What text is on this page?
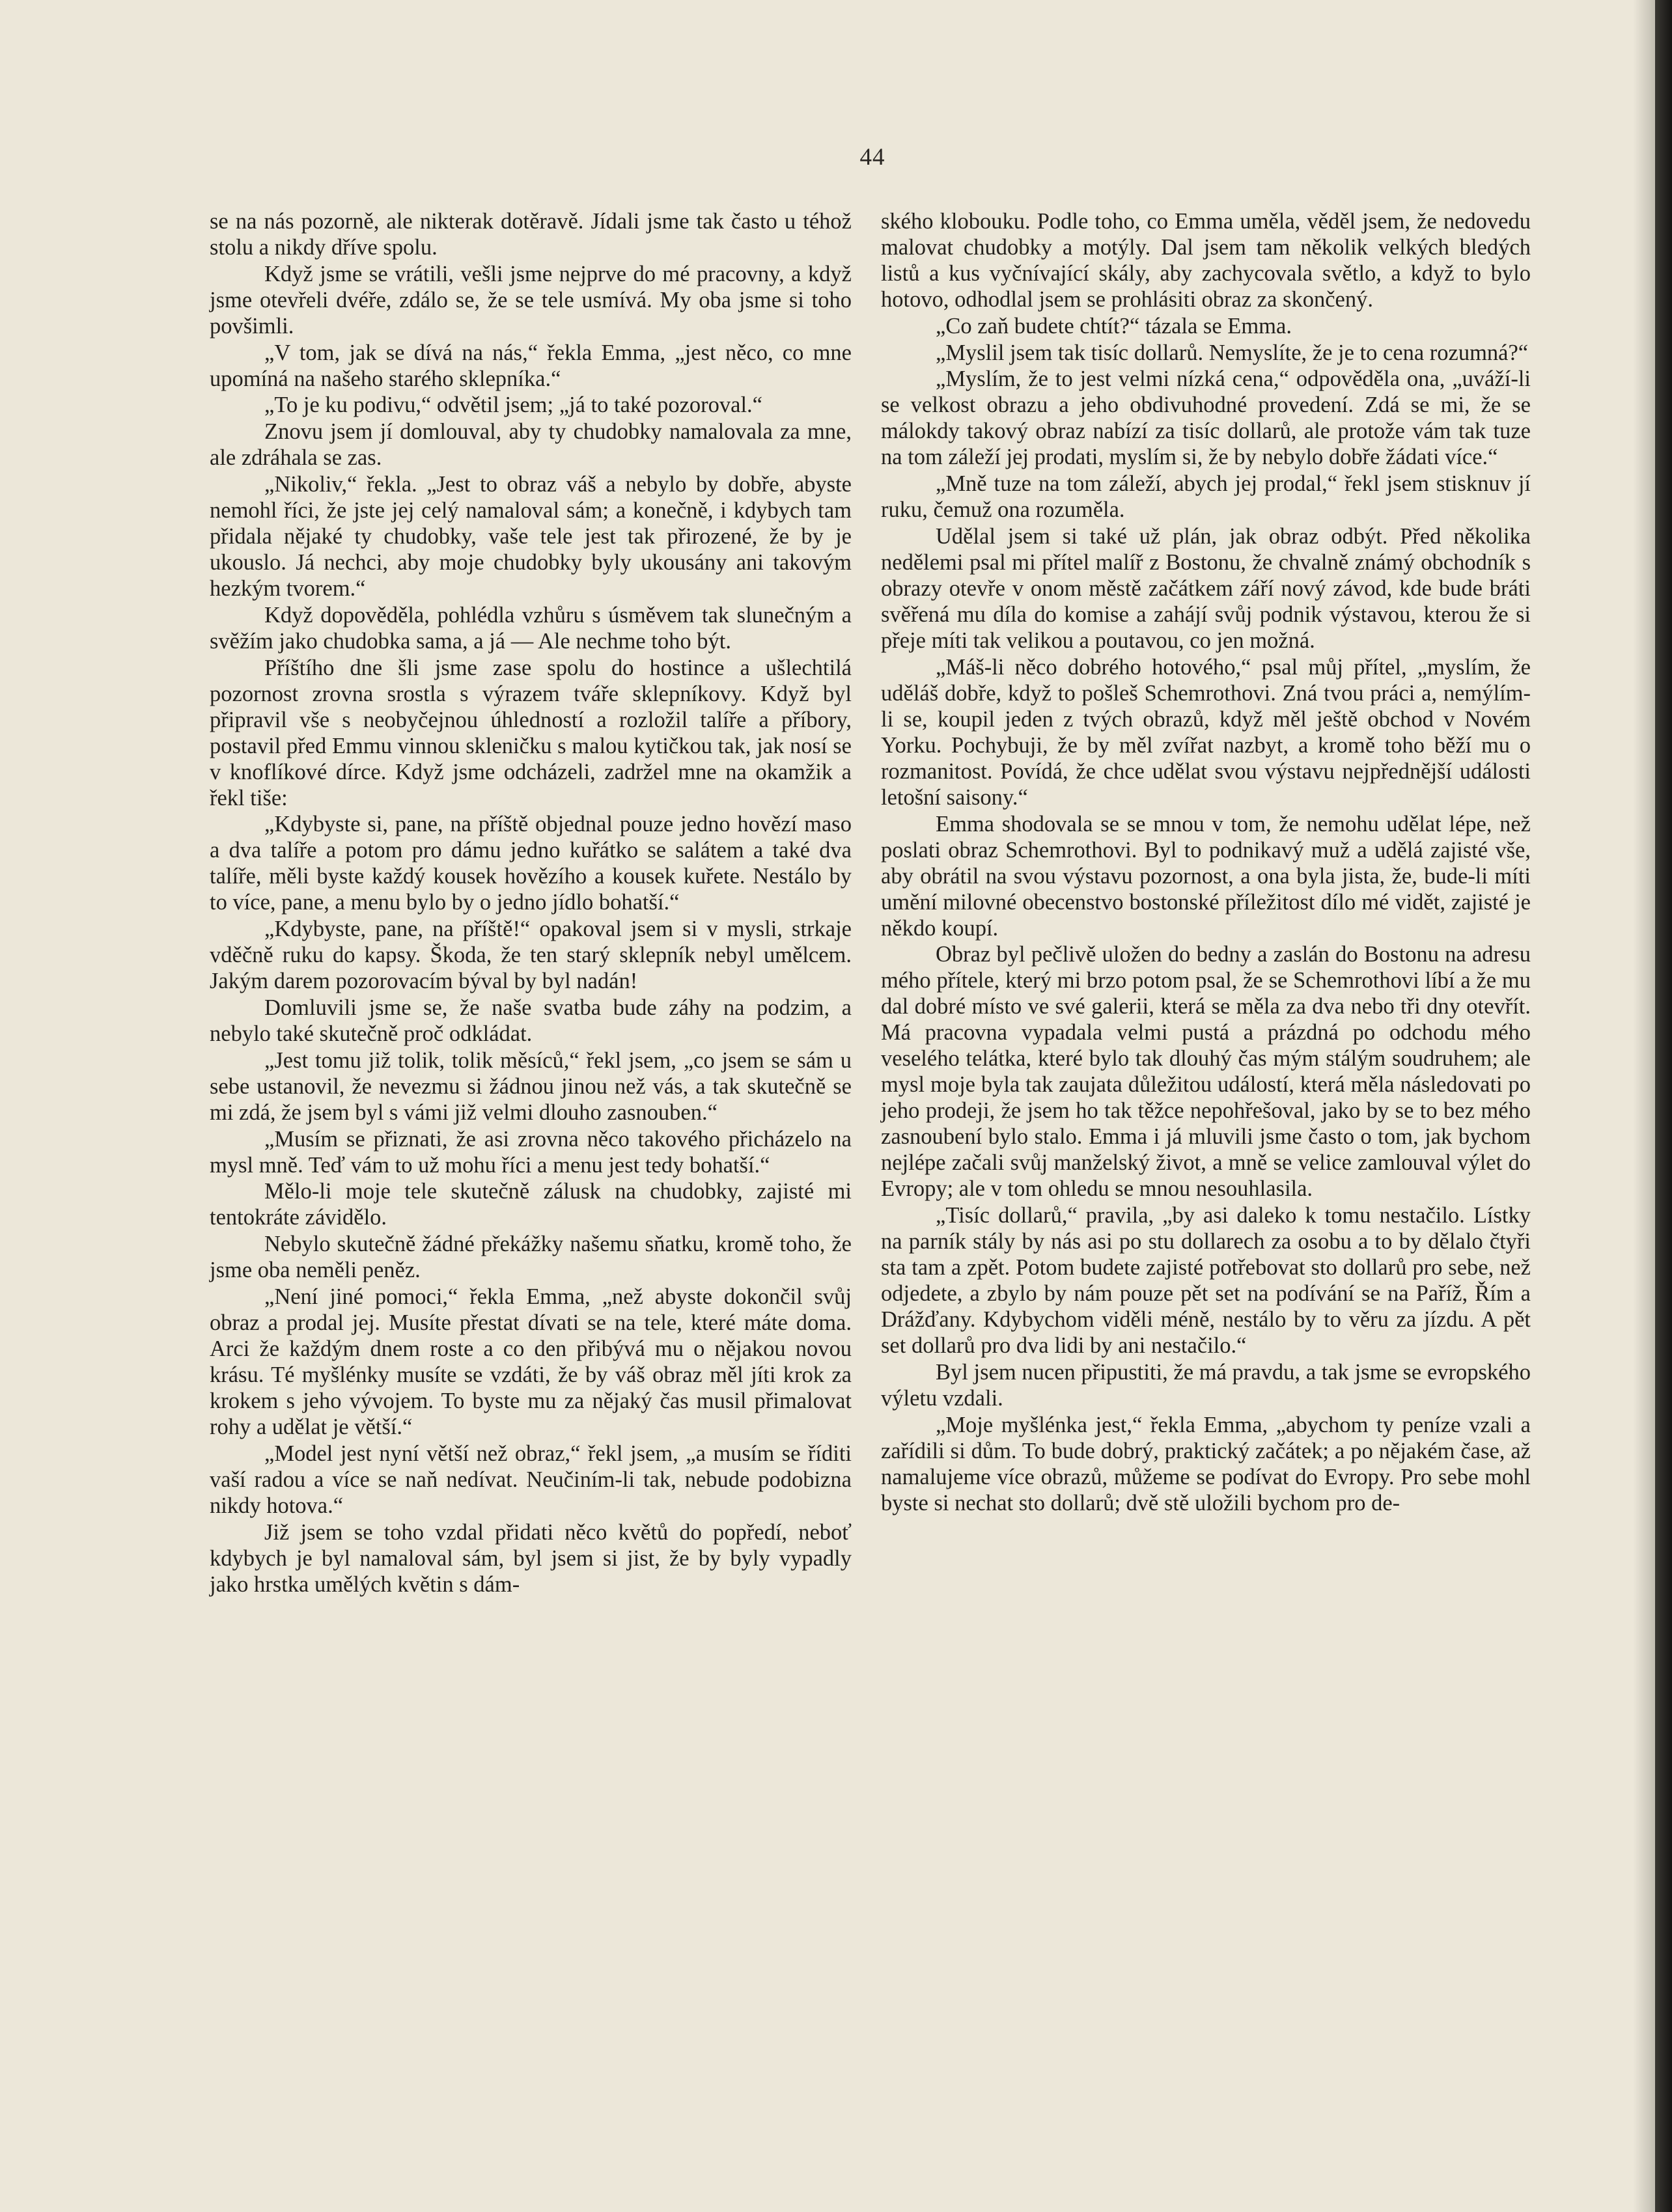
44

se na nás pozorně, ale nikterak dotěravě. Jídali jsme tak často u téhož stolu a nikdy dříve spolu.

Když jsme se vrátili, vešli jsme nejprve do mé pracovny, a když jsme otevřeli dvéře, zdálo se, že se tele usmívá. My oba jsme si toho povšimli.

„V tom, jak se dívá na nás,“ řekla Emma, „jest něco, co mne upomíná na našeho starého sklepníka.“

„To je ku podivu,“ odvětil jsem; „já to také pozoroval.“

Znovu jsem jí domlouval, aby ty chudobky namalovala za mne, ale zdráhala se zas.

„Nikoliv,“ řekla. „Jest to obraz váš a nebylo by dobře, abyste nemohl říci, že jste jej celý namaloval sám; a konečně, i kdybych tam přidala nějaké ty chudobky, vaše tele jest tak přirozené, že by je ukouslo. Já nechci, aby moje chudobky byly ukousány ani takovým hezkým tvorem.“

Když dopověděla, pohlédla vzhůru s úsměvem tak slunečným a svěžím jako chudobka sama, a já — Ale nechme toho být.

Příštího dne šli jsme zase spolu do hostince a ušlechtilá pozornost zrovna srostla s výrazem tváře sklepníkovy. Když byl připravil vše s neobyčejnou úhledností a rozložil talíře a příbory, postavil před Emmu vinnou skleničku s malou kytičkou tak, jak nosí se v knoflíkové dírce. Když jsme odcházeli, zadržel mne na okamžik a řekl tiše:

„Kdybyste si, pane, na příště objednal pouze jedno hovězí maso a dva talíře a potom pro dámu jedno kuřátko se salátem a také dva talíře, měli byste každý kousek hovězího a kousek kuřete. Nestálo by to více, pane, a menu bylo by o jedno jídlo bohatší.“

„Kdybyste, pane, na příště!“ opakoval jsem si v mysli, strkaje vděčně ruku do kapsy. Škoda, že ten starý sklepník nebyl umělcem. Jakým darem pozorovacím býval by byl nadán!

Domluvili jsme se, že naše svatba bude záhy na podzim, a nebylo také skutečně proč odkládat.

„Jest tomu již tolik, tolik měsíců,“ řekl jsem, „co jsem se sám u sebe ustanovil, že nevezmu si žádnou jinou než vás, a tak skutečně se mi zdá, že jsem byl s vámi již velmi dlouho zasnouben.“

„Musím se přiznati, že asi zrovna něco takového přicházelo na mysl mně. Teď vám to už mohu říci a menu jest tedy bohatší.“

Mělo-li moje tele skutečně zálusk na chudobky, zajisté mi tentokráte závidělo.

Nebylo skutečně žádné překážky našemu sňatku, kromě toho, že jsme oba neměli peněz.

„Není jiné pomoci,“ řekla Emma, „než abyste dokončil svůj obraz a prodal jej. Musíte přestat dívati se na tele, které máte doma. Arci že každým dnem roste a co den přibývá mu o nějakou novou krásu. Té myšlénky musíte se vzdáti, že by váš obraz měl jíti krok za krokem s jeho vývojem. To byste mu za nějaký čas musil přimalovat rohy a udělat je větší.“

„Model jest nyní větší než obraz,“ řekl jsem, „a musím se říditi vaší radou a více se naň nedívat. Neučiním-li tak, nebude podobizna nikdy hotova.“

Již jsem se toho vzdal přidati něco květů do popředí, neboť kdybych je byl namaloval sám, byl jsem si jist, že by byly vypadly jako hrstka umělých květin s dám-

ského klobouku. Podle toho, co Emma uměla, věděl jsem, že nedovedu malovat chudobky a motýly. Dal jsem tam několik velkých bledých listů a kus vyčnívající skály, aby zachycovala světlo, a když to bylo hotovo, odhodlal jsem se prohlásiti obraz za skončený.

„Co zaň budete chtít?“ tázala se Emma.

„Myslil jsem tak tisíc dollarů. Nemyslíte, že je to cena rozumná?“

„Myslím, že to jest velmi nízká cena,“ odpověděla ona, „uváží-li se velkost obrazu a jeho obdivuhodné provedení. Zdá se mi, že se málokdy takový obraz nabízí za tisíc dollarů, ale protože vám tak tuze na tom záleží jej prodati, myslím si, že by nebylo dobře žádati více.“

„Mně tuze na tom záleží, abych jej prodal,“ řekl jsem stisknuv jí ruku, čemuž ona rozuměla.

Udělal jsem si také už plán, jak obraz odbýt. Před několika nedělemi psal mi přítel malíř z Bostonu, že chvalně známý obchodník s obrazy otevře v onom městě začátkem září nový závod, kde bude bráti svěřená mu díla do komise a zahájí svůj podnik výstavou, kterou že si přeje míti tak velikou a poutavou, co jen možná.

„Máš-li něco dobrého hotového,“ psal můj přítel, „myslím, že uděláš dobře, když to pošleš Schemrothovi. Zná tvou práci a, nemýlím-li se, koupil jeden z tvých obrazů, když měl ještě obchod v Novém Yorku. Pochybuji, že by měl zvířat nazbyt, a kromě toho běží mu o rozmanitost. Povídá, že chce udělat svou výstavu nejpřednější události letošní saisony.“

Emma shodovala se se mnou v tom, že nemohu udělat lépe, než poslati obraz Schemrothovi. Byl to podnikavý muž a udělá zajisté vše, aby obrátil na svou výstavu pozornost, a ona byla jista, že, bude-li míti umění milovné obecenstvo bostonské příležitost dílo mé vidět, zajisté je někdo koupí.

Obraz byl pečlivě uložen do bedny a zaslán do Bostonu na adresu mého přítele, který mi brzo potom psal, že se Schemrothovi líbí a že mu dal dobré místo ve své galerii, která se měla za dva nebo tři dny otevřít. Má pracovna vypadala velmi pustá a prázdná po odchodu mého veselého telátka, které bylo tak dlouhý čas mým stálým soudruhem; ale mysl moje byla tak zaujata důležitou událostí, která měla následovati po jeho prodeji, že jsem ho tak těžce nepohřešoval, jako by se to bez mého zasnoubení bylo stalo. Emma i já mluvili jsme často o tom, jak bychom nejlépe začali svůj manželský život, a mně se velice zamlouval výlet do Evropy; ale v tom ohledu se mnou nesouhlasila.

„Tisíc dollarů,“ pravila, „by asi daleko k tomu nestačilo. Lístky na parník stály by nás asi po stu dollarech za osobu a to by dělalo čtyři sta tam a zpět. Potom budete zajisté potřebovat sto dollarů pro sebe, než odjedete, a zbylo by nám pouze pět set na podívání se na Paříž, Řím a Drážďany. Kdybychom viděli méně, nestálo by to věru za jízdu. A pět set dollarů pro dva lidi by ani nestačilo.“

Byl jsem nucen připustiti, že má pravdu, a tak jsme se evropského výletu vzdali.

„Moje myšlénka jest,“ řekla Emma, „abychom ty peníze vzali a zařídili si dům. To bude dobrý, praktický začátek; a po nějakém čase, až namalujeme více obrazů, můžeme se podívat do Evropy. Pro sebe mohl byste si nechat sto dollarů; dvě stě uložili bychom pro de-
